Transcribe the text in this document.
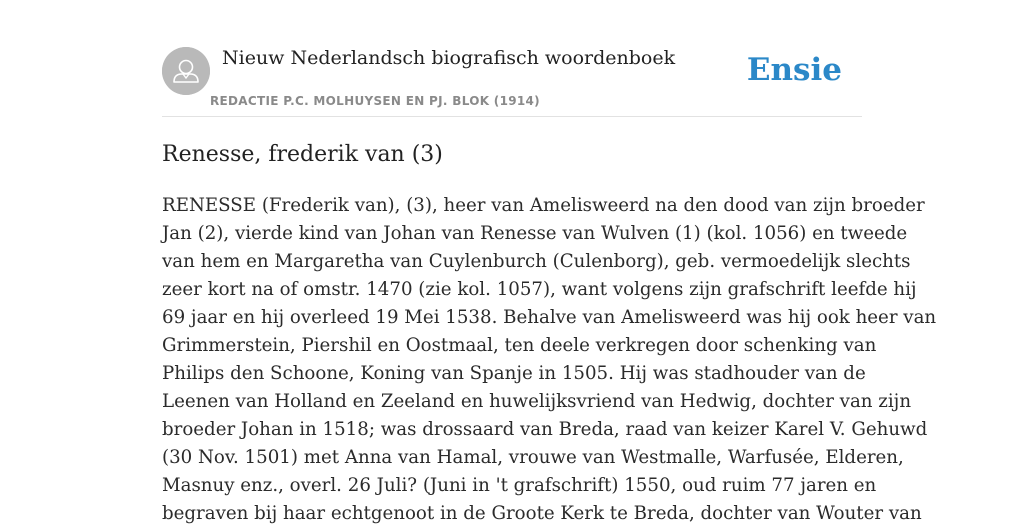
Nieuw Nederlandsch biografisch woordenboek
REDACTIE P.C. MOLHUYSEN EN PJ. BLOK (1914)
Ensie
Renesse, frederik van (3)
RENESSE (Frederik van), (3), heer van Amelisweerd na den dood van zijn broeder
Jan (2), vierde kind van Johan van Renesse van Wulven (1) (kol. 1056) en tweede
van hem en Margaretha van Cuylenburch (Culenborg), geb. vermoedelijk slechts
zeer kort na of omstr. 1470 (zie kol. 1057), want volgens zijn grafschrift leefde hij
69 jaar en hij overleed 19 Mei 1538. Behalve van Amelisweerd was hij ook heer van
Grimmerstein, Piershil en Oostmaal, ten deele verkregen door schenking van
Philips den Schoone, Koning van Spanje in 1505. Hij was stadhouder van de
Leenen van Holland en Zeeland en huwelijksvriend van Hedwig, dochter van zijn
broeder Johan in 1518; was drossaard van Breda, raad van keizer Karel V. Gehuwd
(30 Nov. 1501) met Anna van Hamal, vrouwe van Westmalle, Warfusée, Elderen,
Masnuy enz., overl. 26 Juli? (Juni in 't grafschrift) 1550, oud ruim 77 jaren en
begraven bij haar echtgenoot in de Groote Kerk te Breda, dochter van Wouter van
